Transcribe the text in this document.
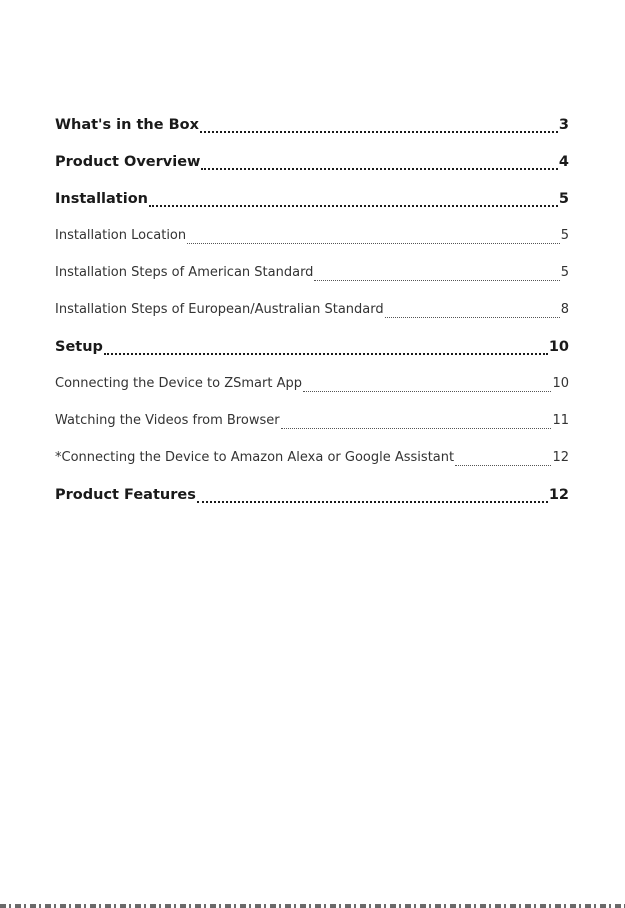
What's in the Box	3
Product Overview	4
Installation	5
Installation Location	5
Installation Steps of American Standard	5
Installation Steps of European/Australian Standard	8
Setup	10
Connecting the Device to ZSmart App	10
Watching the Videos from Browser	11
*Connecting the Device to Amazon Alexa or Google Assistant	12
Product Features	12
